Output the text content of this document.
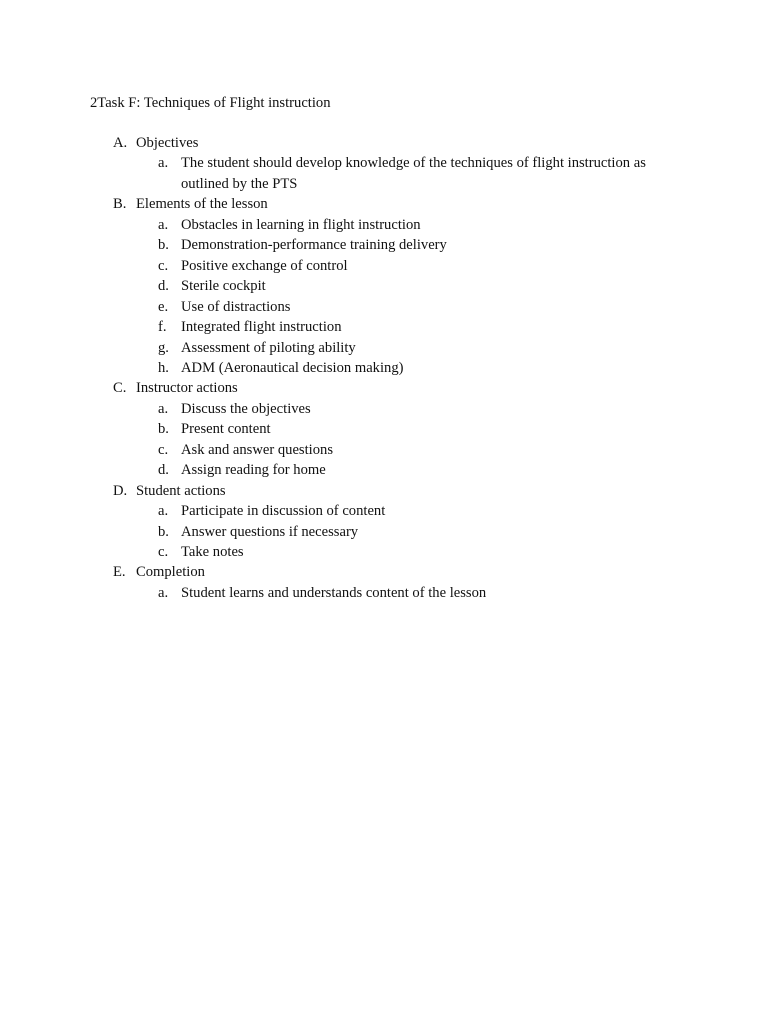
2Task F: Techniques of Flight instruction
A. Objectives
a. The student should develop knowledge of the techniques of flight instruction as outlined by the PTS
B. Elements of the lesson
a. Obstacles in learning in flight instruction
b. Demonstration-performance training delivery
c. Positive exchange of control
d. Sterile cockpit
e. Use of distractions
f. Integrated flight instruction
g. Assessment of piloting ability
h. ADM (Aeronautical decision making)
C. Instructor actions
a. Discuss the objectives
b. Present content
c. Ask and answer questions
d. Assign reading for home
D. Student actions
a. Participate in discussion of content
b. Answer questions if necessary
c. Take notes
E. Completion
a. Student learns and understands content of the lesson
